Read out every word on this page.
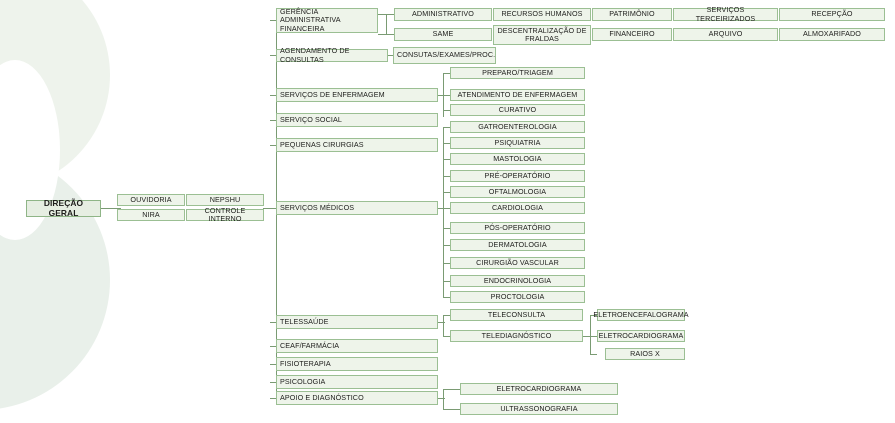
DIREÇÃO GERAL
OUVIDORIA	NEPSHU
NIRA	CONTROLE INTERNO
GERÊNCIA ADMINISTRATIVA FINANCEIRA
AGENDAMENTO DE CONSULTAS
SERVIÇOS DE ENFERMAGEM
SERVIÇO SOCIAL
PEQUENAS CIRURGIAS
SERVIÇOS MÉDICOS
TELESSAÚDE
CEAF/FARMÁCIA
FISIOTERAPIA
PSICOLOGIA
APOIO E DIAGNÓSTICO
ADMINISTRATIVO	RECURSOS HUMANOS	PATRIMÔNIO	SERVIÇOS TERCEIRIZADOS	RECEPÇÃO
SAME	DESCENTRALIZAÇÃO DE FRALDAS
FINANCEIRO	ARQUIVO	ALMOXARIFADO
CONSUTAS/EXAMES/PROC.
PREPARO/TRIAGEM
ATENDIMENTO DE ENFERMAGEM
CURATIVO
GATROENTEROLOGIA
PSIQUIATRIA
MASTOLOGIA
PRÉ-OPERATÓRIO
OFTALMOLOGIA
CARDIOLOGIA
PÓS-OPERATÓRIO
DERMATOLOGIA
CIRURGIÃO VASCULAR
ENDOCRINOLOGIA
PROCTOLOGIA
TELECONSULTA
TELEDIAGNÓSTICO
ELETROENCEFALOGRAMA
ELETROCARDIOGRAMA
RAIOS X
ELETROCARDIOGRAMA
ULTRASSONOGRAFIA
